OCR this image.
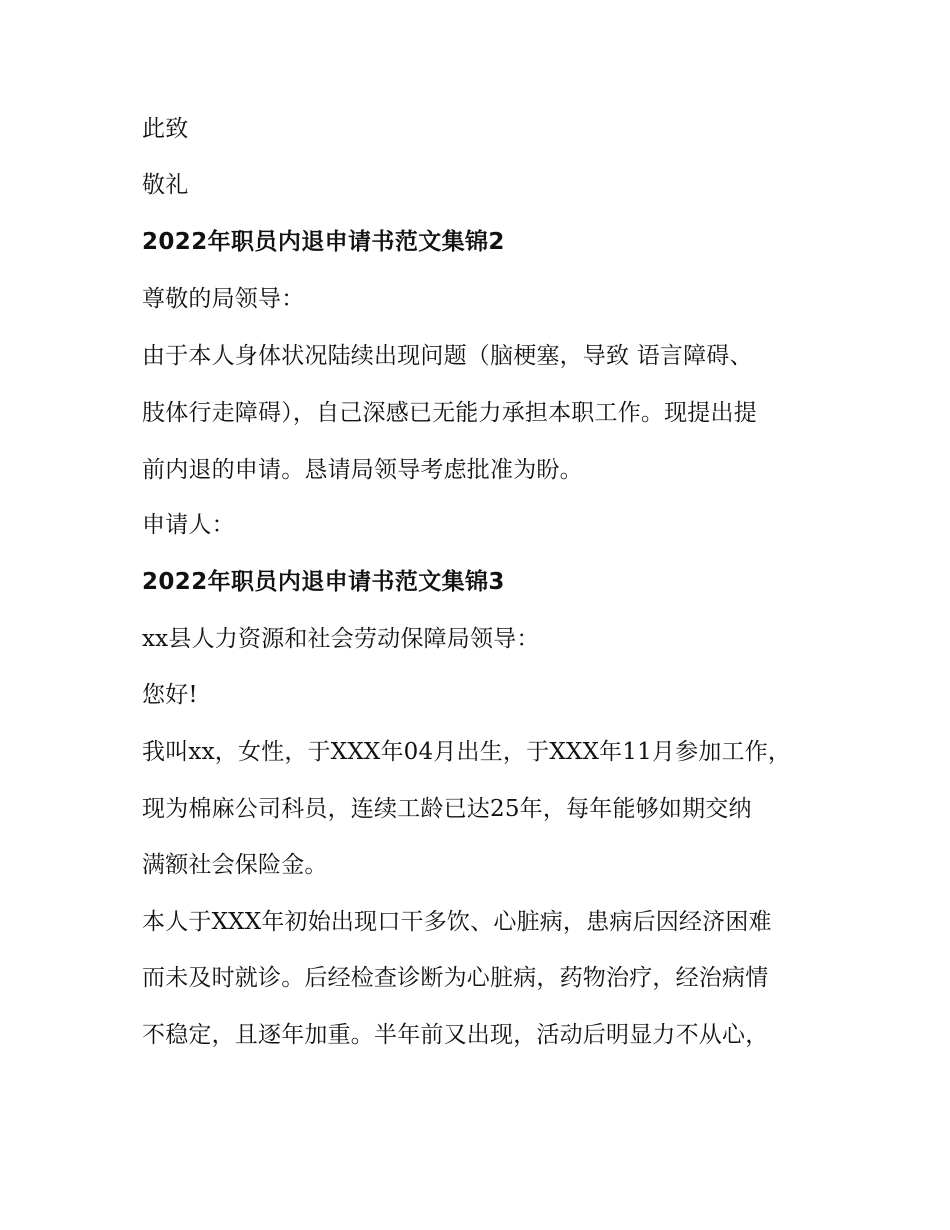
此致
敬礼
2022年职员内退申请书范文集锦2
尊敬的局领导：
由于本人身体状况陆续出现问题（脑梗塞，导致 语言障碍、
肢体行走障碍），自己深感已无能力承担本职工作。现提出提
前内退的申请。恳请局领导考虑批准为盼。
申请人：
2022年职员内退申请书范文集锦3
xx县人力资源和社会劳动保障局领导：
您好!
我叫xx，女性，于XXX年04月出生，于XXX年11月参加工作，
现为棉麻公司科员，连续工龄已达25年，每年能够如期交纳
满额社会保险金。
本人于XXX年初始出现口干多饮、心脏病，患病后因经济困难
而未及时就诊。后经检查诊断为心脏病，药物治疗，经治病情
不稳定，且逐年加重。半年前又出现，活动后明显力不从心，
